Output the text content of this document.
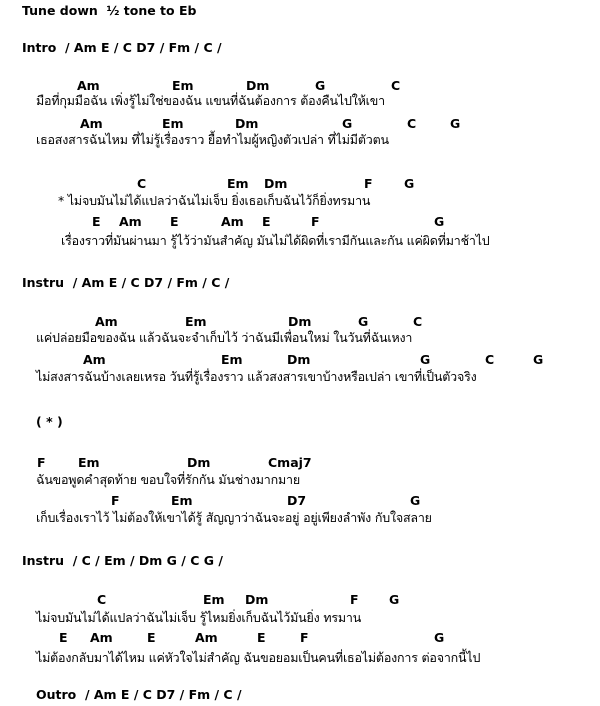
Tune down  ½ tone to Eb
Intro  / Am E / C D7 / Fm / C /
Am	Em	Dm	G	C
มือที่กุมมือฉัน เพิ่งรู้ไม่ใช่ของฉัน แขนที่ฉันต้องการ ต้องคืนไปให้เขา
Am	Em	Dm	G	C	G
เธอสงสารฉันไหม ที่ไม่รู้เรื่องราว ยื้อทำไมผู้หญิงตัวเปล่า ที่ไม่มีตัวตน
C	Em Dm	F	G
* ไม่จบมันไม่ได้แปลว่าฉันไม่เจ็บ ยิ่งเธอเก็บฉันไว้ก็ยิ่งทรมาน
E Am E	Am E	F	G
เรื่องราวที่มันผ่านมา รู้ไว้ว่ามันสำคัญ มันไม่ได้ผิดที่เรามีกันและกัน แค่ผิดที่มาช้าไป
Instru  / Am E / C D7 / Fm / C /
Am	Em	Dm	G	C
แค่ปล่อยมือของฉัน แล้วฉันจะจำเก็บไว้ ว่าฉันมีเพื่อนใหม่ ในวันที่ฉันเหงา
Am	Em	Dm	G	C	G
ไม่สงสารฉันบ้างเลยเหรอ วันที่รู้เรื่องราว แล้วสงสารเขาบ้างหรือเปล่า เขาที่เป็นตัวจริง
( * )
F	Em	Dm	Cmaj7
ฉันขอพูดคำสุดท้าย ขอบใจที่รักกัน มันช่างมากมาย
F	Em	D7	G
เก็บเรื่องเราไว้ ไม่ต้องให้เขาได้รู้ สัญญาว่าฉันจะอยู่ อยู่เพียงลำพัง กับใจสลาย
Instru  / C / Em / Dm G / C G /
C	Em Dm	F G
ไม่จบมันไม่ได้แปลว่าฉันไม่เจ็บ รู้ไหมยิ่งเก็บฉันไว้มันยิ่ง ทรมาน
E Am	E	Am	E	F	G
ไม่ต้องกลับมาได้ไหม แค่หัวใจไม่สำคัญ ฉันขอยอมเป็นคนที่เธอไม่ต้องการ ต่อจากนี้ไป
Outro  / Am E / C D7 / Fm / C /
